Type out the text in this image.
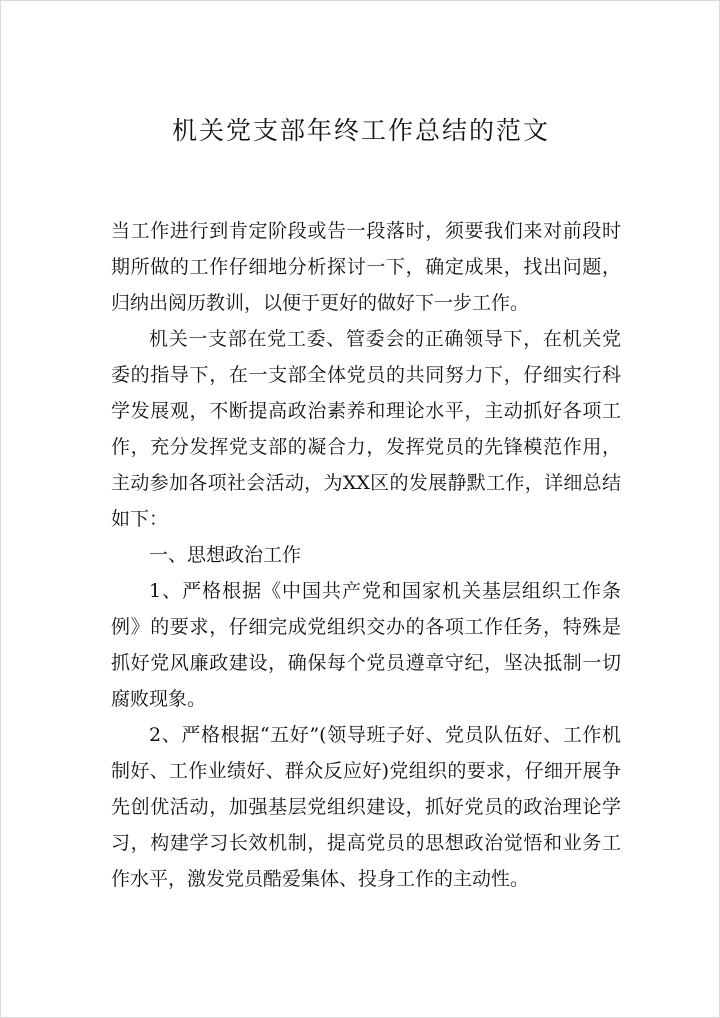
机关党支部年终工作总结的范文

当工作进行到肯定阶段或告一段落时，须要我们来对前段时期所做的工作仔细地分析探讨一下，确定成果，找出问题，归纳出阅历教训，以便于更好的做好下一步工作。

机关一支部在党工委、管委会的正确领导下，在机关党委的指导下，在一支部全体党员的共同努力下，仔细实行科学发展观，不断提高政治素养和理论水平，主动抓好各项工作，充分发挥党支部的凝合力，发挥党员的先锋模范作用，主动参加各项社会活动，为XX区的发展静默工作，详细总结如下：

一、思想政治工作

1、严格根据《中国共产党和国家机关基层组织工作条例》的要求，仔细完成党组织交办的各项工作任务，特殊是抓好党风廉政建设，确保每个党员遵章守纪，坚决抵制一切腐败现象。

2、严格根据“五好”(领导班子好、党员队伍好、工作机制好、工作业绩好、群众反应好)党组织的要求，仔细开展争先创优活动，加强基层党组织建设，抓好党员的政治理论学习，构建学习长效机制，提高党员的思想政治觉悟和业务工作水平，激发党员酷爱集体、投身工作的主动性。
